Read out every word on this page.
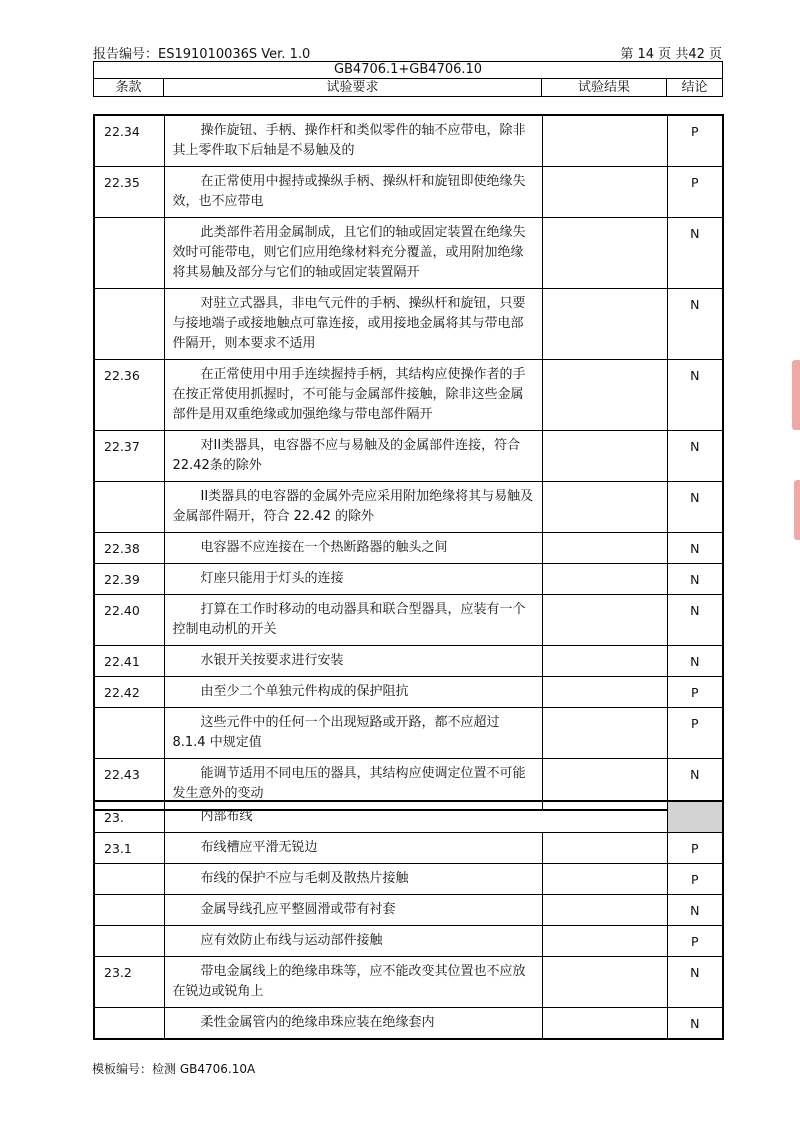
报告编号：ES191010036S Ver. 1.0	第 14 页 共42 页
GB4706.1+GB4706.10
条款	试验要求	试验结果	结论
22.34	操作旋钮、手柄、操作杆和类似零件的轴不应带电，除非其上零件取下后轴是不易触及的		P
22.35	在正常使用中握持或操纵手柄、操纵杆和旋钮即使绝缘失效，也不应带电		P

	此类部件若用金属制成，且它们的轴或固定装置在绝缘失效时可能带电，则它们应用绝缘材料充分覆盖，或用附加绝缘将其易触及部分与它们的轴或固定装置隔开		N

	对驻立式器具，非电气元件的手柄、操纵杆和旋钮，只要与接地端子或接地触点可靠连接，或用接地金属将其与带电部件隔开，则本要求不适用		N
22.36	在正常使用中用手连续握持手柄，其结构应使操作者的手在按正常使用抓握时，不可能与金属部件接触，除非这些金属部件是用双重绝缘或加强绝缘与带电部件隔开		N
22.37	对II类器具，电容器不应与易触及的金属部件连接，符合22.42条的除外		N

	II类器具的电容器的金属外壳应采用附加绝缘将其与易触及金属部件隔开，符合 22.42 的除外		N
22.38	电容器不应连接在一个热断路器的触头之间		N
22.39	灯座只能用于灯头的连接		N
22.40	打算在工作时移动的电动器具和联合型器具，应装有一个控制电动机的开关		N
22.41	水银开关按要求进行安装		N
22.42	由至少二个单独元件构成的保护阻抗		P

	这些元件中的任何一个出现短路或开路，都不应超过 8.1.4 中规定值		P
22.43	能调节适用不同电压的器具，其结构应使调定位置不可能发生意外的变动		N
23.	内部布线		

23.1	布线槽应平滑无锐边		P

	布线的保护不应与毛刺及散热片接触		P

	金属导线孔应平整圆滑或带有衬套		N

	应有效防止布线与运动部件接触		P
23.2	带电金属线上的绝缘串珠等，应不能改变其位置也不应放在锐边或锐角上		N

	柔性金属管内的绝缘串珠应装在绝缘套内		N
模板编号：检测 GB4706.10A
